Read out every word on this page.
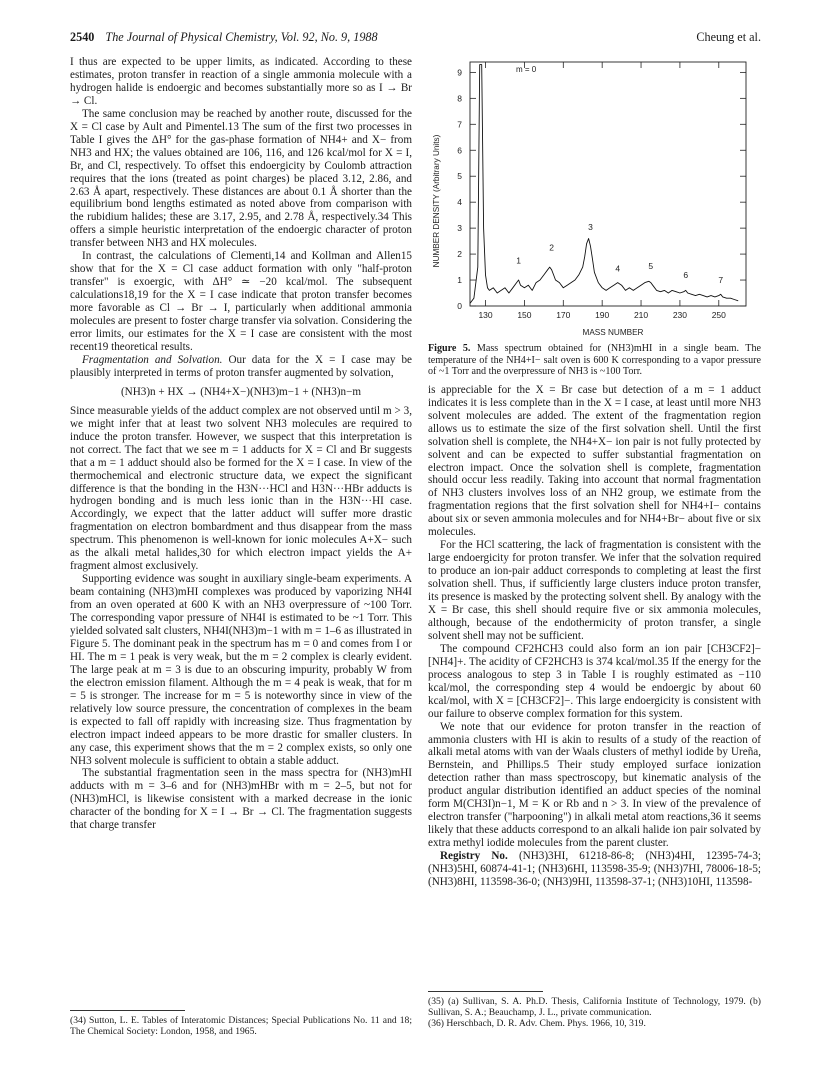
2540 The Journal of Physical Chemistry, Vol. 92, No. 9, 1988	Cheung et al.

I thus are expected to be upper limits, as indicated. According to these estimates, proton transfer in reaction of a single ammonia molecule with a hydrogen halide is endoergic and becomes substantially more so as I → Br → Cl.

The same conclusion may be reached by another route, discussed for the X = Cl case by Ault and Pimentel.13 The sum of the first two processes in Table I gives the ΔH° for the gas-phase formation of NH4+ and X− from NH3 and HX; the values obtained are 106, 116, and 126 kcal/mol for X = I, Br, and Cl, respectively. To offset this endoergicity by Coulomb attraction requires that the ions (treated as point charges) be placed 3.12, 2.86, and 2.63 Å apart, respectively. These distances are about 0.1 Å shorter than the equilibrium bond lengths estimated as noted above from comparison with the rubidium halides; these are 3.17, 2.95, and 2.78 Å, respectively.34 This offers a simple heuristic interpretation of the endoergic character of proton transfer between NH3 and HX molecules.

In contrast, the calculations of Clementi,14 and Kollman and Allen15 show that for the X = Cl case adduct formation with only "half-proton transfer" is exoergic, with ΔH° ≃ −20 kcal/mol. The subsequent calculations18,19 for the X = I case indicate that proton transfer becomes more favorable as Cl → Br → I, particularly when additional ammonia molecules are present to foster charge transfer via solvation. Considering the error limits, our estimates for the X = I case are consistent with the most recent19 theoretical results.

Fragmentation and Solvation. Our data for the X = I case may be plausibly interpreted in terms of proton transfer augmented by solvation,

(NH3)n + HX → (NH4+X−)(NH3)m−1 + (NH3)n−m

Since measurable yields of the adduct complex are not observed until m > 3, we might infer that at least two solvent NH3 molecules are required to induce the proton transfer. However, we suspect that this interpretation is not correct. The fact that we see m = 1 adducts for X = Cl and Br suggests that a m = 1 adduct should also be formed for the X = I case. In view of the thermochemical and electronic structure data, we expect the significant difference is that the bonding in the H3N···HCl and H3N···HBr adducts is hydrogen bonding and is much less ionic than in the H3N···HI case. Accordingly, we expect that the latter adduct will suffer more drastic fragmentation on electron bombardment and thus disappear from the mass spectrum. This phenomenon is well-known for ionic molecules A+X− such as the alkali metal halides,30 for which electron impact yields the A+ fragment almost exclusively.

Supporting evidence was sought in auxiliary single-beam experiments. A beam containing (NH3)mHI complexes was produced by vaporizing NH4I from an oven operated at 600 K with an NH3 overpressure of ~100 Torr. The corresponding vapor pressure of NH4I is estimated to be ~1 Torr. This yielded solvated salt clusters, NH4I(NH3)m−1 with m = 1–6 as illustrated in Figure 5. The dominant peak in the spectrum has m = 0 and comes from I or HI. The m = 1 peak is very weak, but the m = 2 complex is clearly evident. The large peak at m = 3 is due to an obscuring impurity, probably W from the electron emission filament. Although the m = 4 peak is weak, that for m = 5 is stronger. The increase for m = 5 is noteworthy since in view of the relatively low source pressure, the concentration of complexes in the beam is expected to fall off rapidly with increasing size. Thus fragmentation by electron impact indeed appears to be more drastic for smaller clusters. In any case, this experiment shows that the m = 2 complex exists, so only one NH3 solvent molecule is sufficient to obtain a stable adduct.

The substantial fragmentation seen in the mass spectra for (NH3)mHI adducts with m = 3–6 and for (NH3)mHBr with m = 2–5, but not for (NH3)mHCl, is likewise consistent with a marked decrease in the ionic character of the bonding for X = I → Br → Cl. The fragmentation suggests that charge transfer

0
1
2
3
4
5
6
7
8
9
130	150	170	190	210	230	250
1
2
3
4	5
6
7
NUMBER DENSITY (Arbitrary Units)
MASS NUMBER
m = 0
Figure 5. Mass spectrum obtained for (NH3)mHI in a single beam. The temperature of the NH4+I− salt oven is 600 K corresponding to a vapor pressure of ~1 Torr and the overpressure of NH3 is ~100 Torr.

is appreciable for the X = Br case but detection of a m = 1 adduct indicates it is less complete than in the X = I case, at least until more NH3 solvent molecules are added. The extent of the fragmentation region allows us to estimate the size of the first solvation shell. Until the first solvation shell is complete, the NH4+X− ion pair is not fully protected by solvent and can be expected to suffer substantial fragmentation on electron impact. Once the solvation shell is complete, fragmentation should occur less readily. Taking into account that normal fragmentation of NH3 clusters involves loss of an NH2 group, we estimate from the fragmentation regions that the first solvation shell for NH4+I− contains about six or seven ammonia molecules and for NH4+Br− about five or six molecules.

For the HCl scattering, the lack of fragmentation is consistent with the large endoergicity for proton transfer. We infer that the solvation required to produce an ion-pair adduct corresponds to completing at least the first solvation shell. Thus, if sufficiently large clusters induce proton transfer, its presence is masked by the protecting solvent shell. By analogy with the X = Br case, this shell should require five or six ammonia molecules, although, because of the endothermicity of proton transfer, a single solvent shell may not be sufficient.

The compound CF2HCH3 could also form an ion pair [CH3CF2]−[NH4]+. The acidity of CF2HCH3 is 374 kcal/mol.35 If the energy for the process analogous to step 3 in Table I is roughly estimated as −110 kcal/mol, the corresponding step 4 would be endoergic by about 60 kcal/mol, with X = [CH3CF2]−. This large endoergicity is consistent with our failure to observe complex formation for this system.

We note that our evidence for proton transfer in the reaction of ammonia clusters with HI is akin to results of a study of the reaction of alkali metal atoms with van der Waals clusters of methyl iodide by Ureña, Bernstein, and Phillips.5 Their study employed surface ionization detection rather than mass spectroscopy, but kinematic analysis of the product angular distribution identified an adduct species of the nominal form M(CH3I)n−1, M = K or Rb and n > 3. In view of the prevalence of electron transfer ("harpooning") in alkali metal atom reactions,36 it seems likely that these adducts correspond to an alkali halide ion pair solvated by extra methyl iodide molecules from the parent cluster.

Registry No. (NH3)3HI, 61218-86-8; (NH3)4HI, 12395-74-3; (NH3)5HI, 60874-41-1; (NH3)6HI, 113598-35-9; (NH3)7HI, 78006-18-5; (NH3)8HI, 113598-36-0; (NH3)9HI, 113598-37-1; (NH3)10HI, 113598-

(34) Sutton, L. E. Tables of Interatomic Distances; Special Publications No. 11 and 18; The Chemical Society: London, 1958, and 1965.
(35) (a) Sullivan, S. A. Ph.D. Thesis, California Institute of Technology, 1979. (b) Sullivan, S. A.; Beauchamp, J. L., private communication.
(36) Herschbach, D. R. Adv. Chem. Phys. 1966, 10, 319.
